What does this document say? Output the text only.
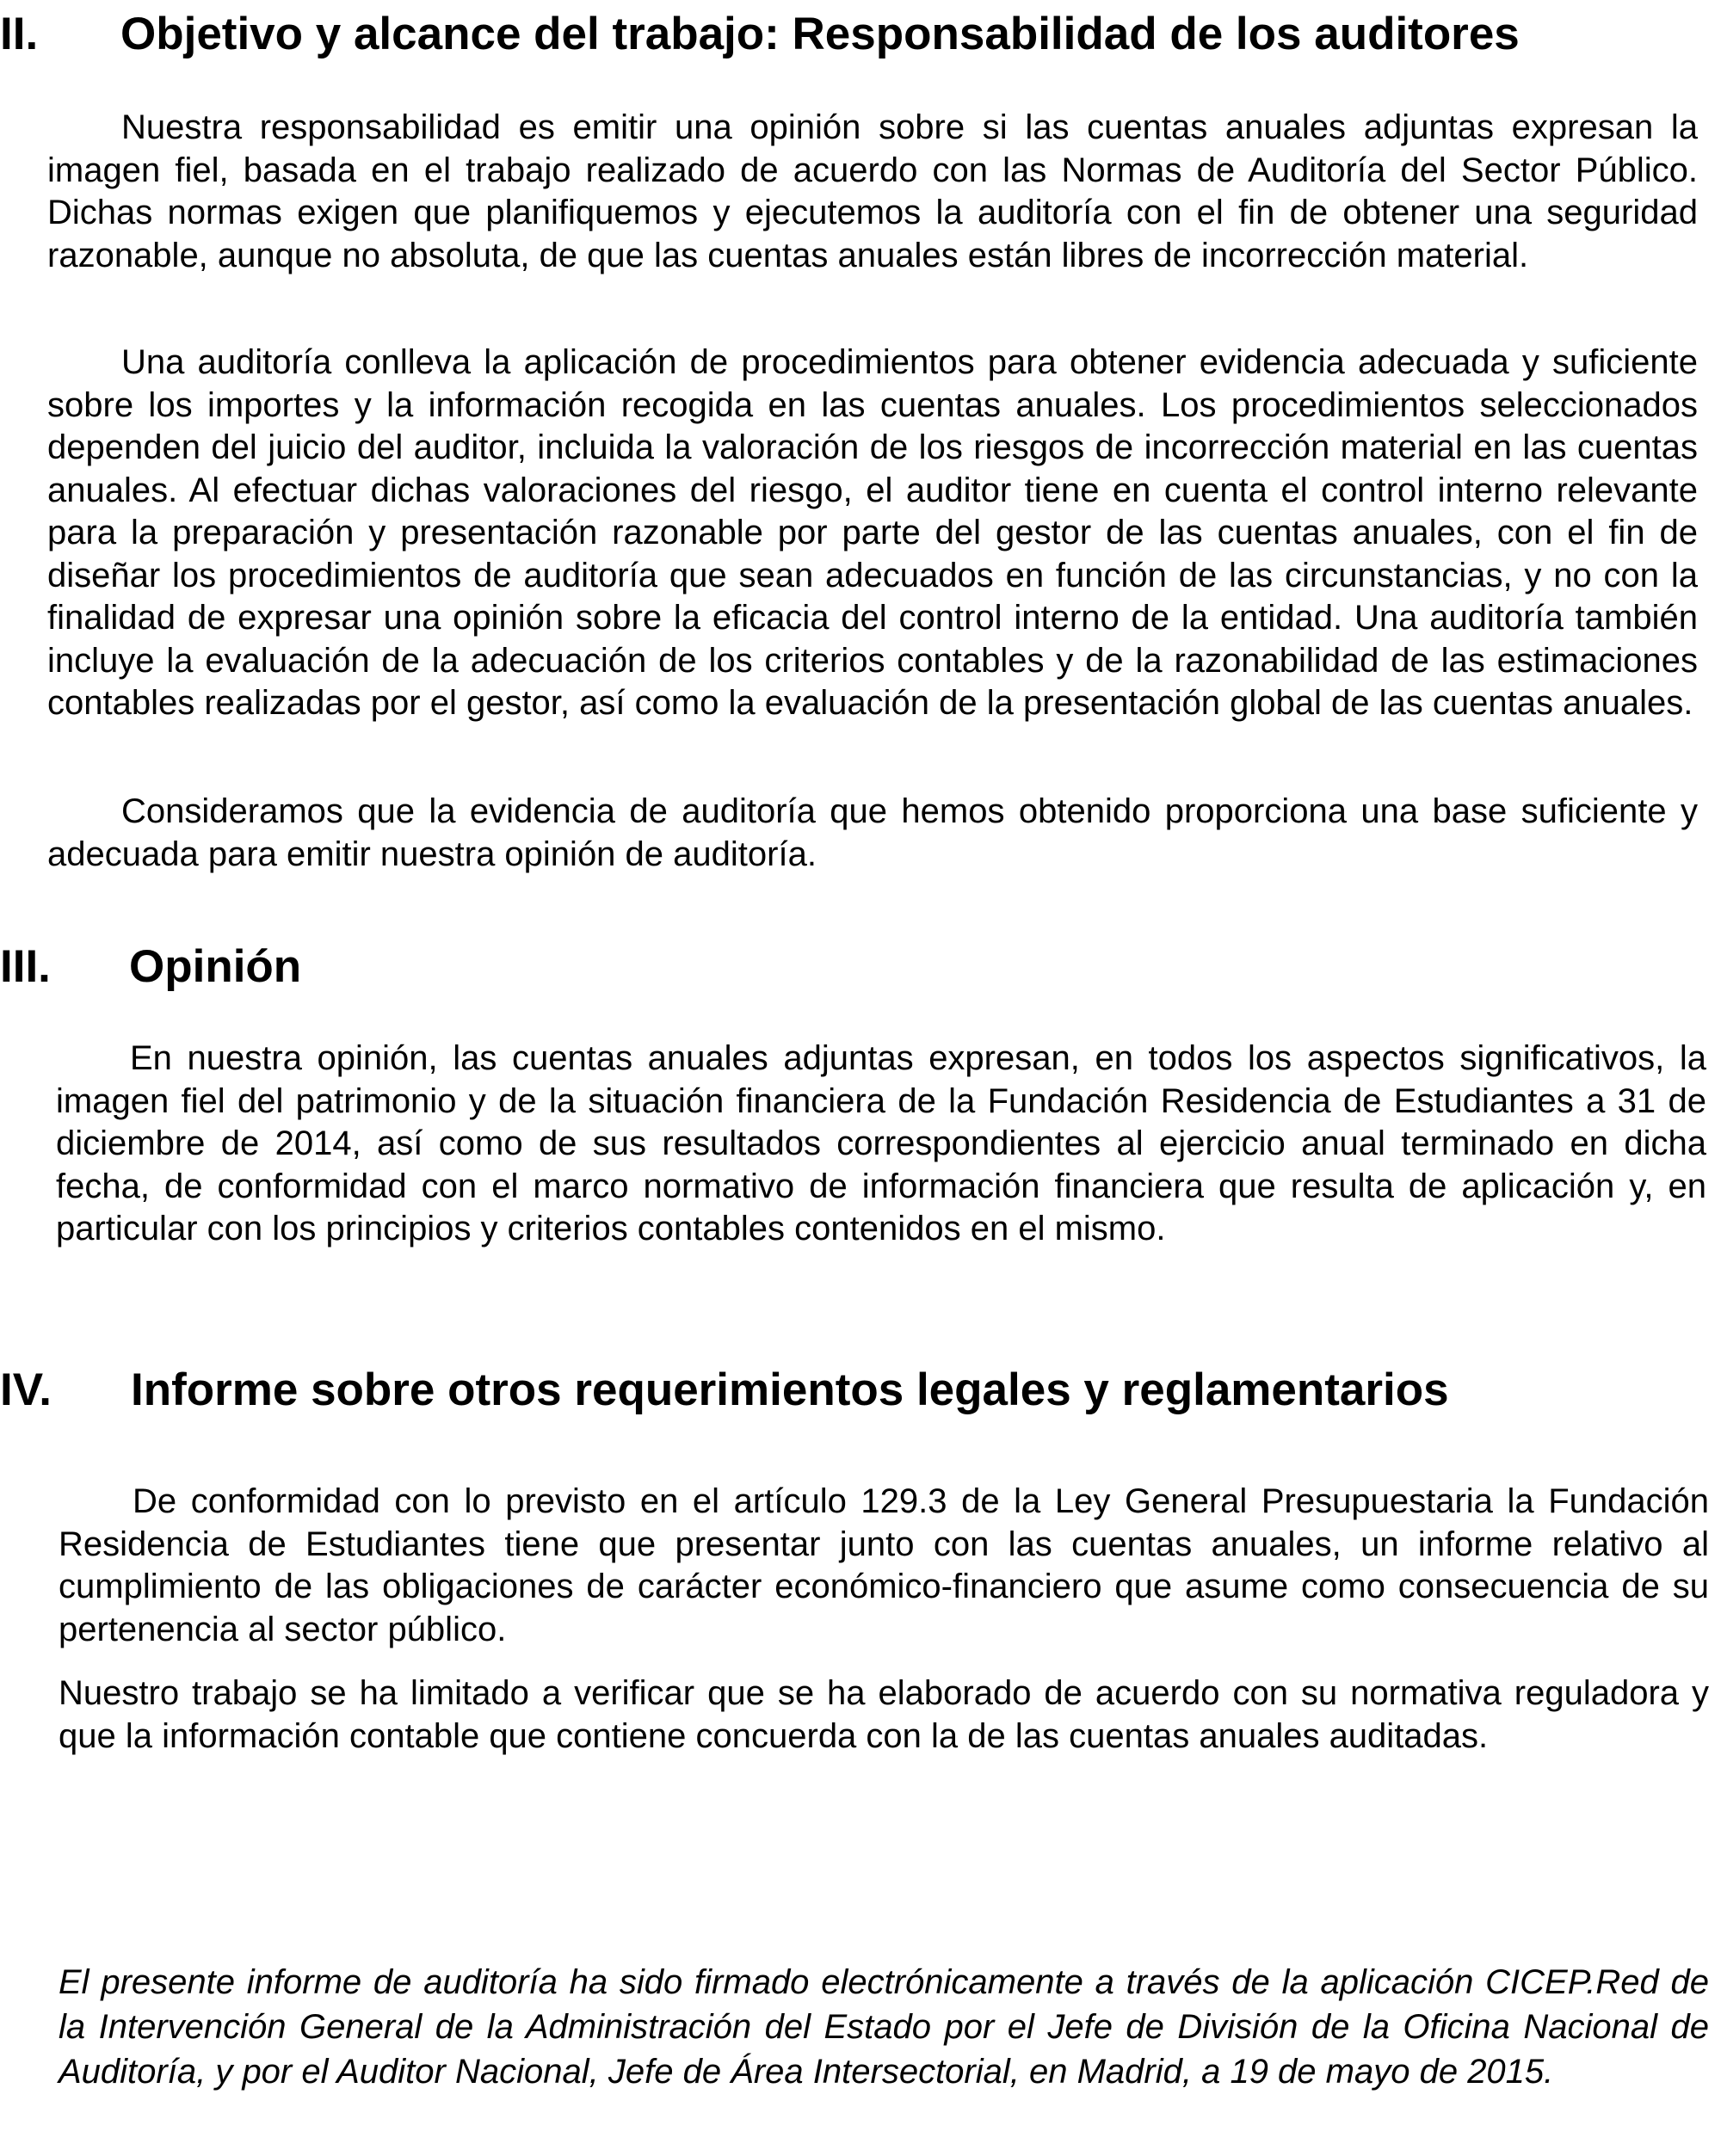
II. Objetivo y alcance del trabajo: Responsabilidad de los auditores

Nuestra responsabilidad es emitir una opinión sobre si las cuentas anuales adjuntas expresan la imagen fiel, basada en el trabajo realizado de acuerdo con las Normas de Auditoría del Sector Público. Dichas normas exigen que planifiquemos y ejecutemos la auditoría con el fin de obtener una seguridad razonable, aunque no absoluta, de que las cuentas anuales están libres de incorrección material.

Una auditoría conlleva la aplicación de procedimientos para obtener evidencia adecuada y suficiente sobre los importes y la información recogida en las cuentas anuales. Los procedimientos seleccionados dependen del juicio del auditor, incluida la valoración de los riesgos de incorrección material en las cuentas anuales. Al efectuar dichas valoraciones del riesgo, el auditor tiene en cuenta el control interno relevante para la preparación y presentación razonable por parte del gestor de las cuentas anuales, con el fin de diseñar los procedimientos de auditoría que sean adecuados en función de las circunstancias, y no con la finalidad de expresar una opinión sobre la eficacia del control interno de la entidad. Una auditoría también incluye la evaluación de la adecuación de los criterios contables y de la razonabilidad de las estimaciones contables realizadas por el gestor, así como la evaluación de la presentación global de las cuentas anuales.

Consideramos que la evidencia de auditoría que hemos obtenido proporciona una base suficiente y adecuada para emitir nuestra opinión de auditoría.

III. Opinión

En nuestra opinión, las cuentas anuales adjuntas expresan, en todos los aspectos significativos, la imagen fiel del patrimonio y de la situación financiera de la Fundación Residencia de Estudiantes a 31 de diciembre de 2014, así como de sus resultados correspondientes al ejercicio anual terminado en dicha fecha, de conformidad con el marco normativo de información financiera que resulta de aplicación y, en particular con los principios y criterios contables contenidos en el mismo.

IV. Informe sobre otros requerimientos legales y reglamentarios

De conformidad con lo previsto en el artículo 129.3 de la Ley General Presupuestaria la Fundación Residencia de Estudiantes tiene que presentar junto con las cuentas anuales, un informe relativo al cumplimiento de las obligaciones de carácter económico-financiero que asume como consecuencia de su pertenencia al sector público.

Nuestro trabajo se ha limitado a verificar que se ha elaborado de acuerdo con su normativa reguladora y que la información contable que contiene concuerda con la de las cuentas anuales auditadas.

El presente informe de auditoría ha sido firmado electrónicamente a través de la aplicación CICEP.Red de la Intervención General de la Administración del Estado por el Jefe de División de la Oficina Nacional de Auditoría, y por el Auditor Nacional, Jefe de Área Intersectorial, en Madrid, a 19 de mayo de 2015.
